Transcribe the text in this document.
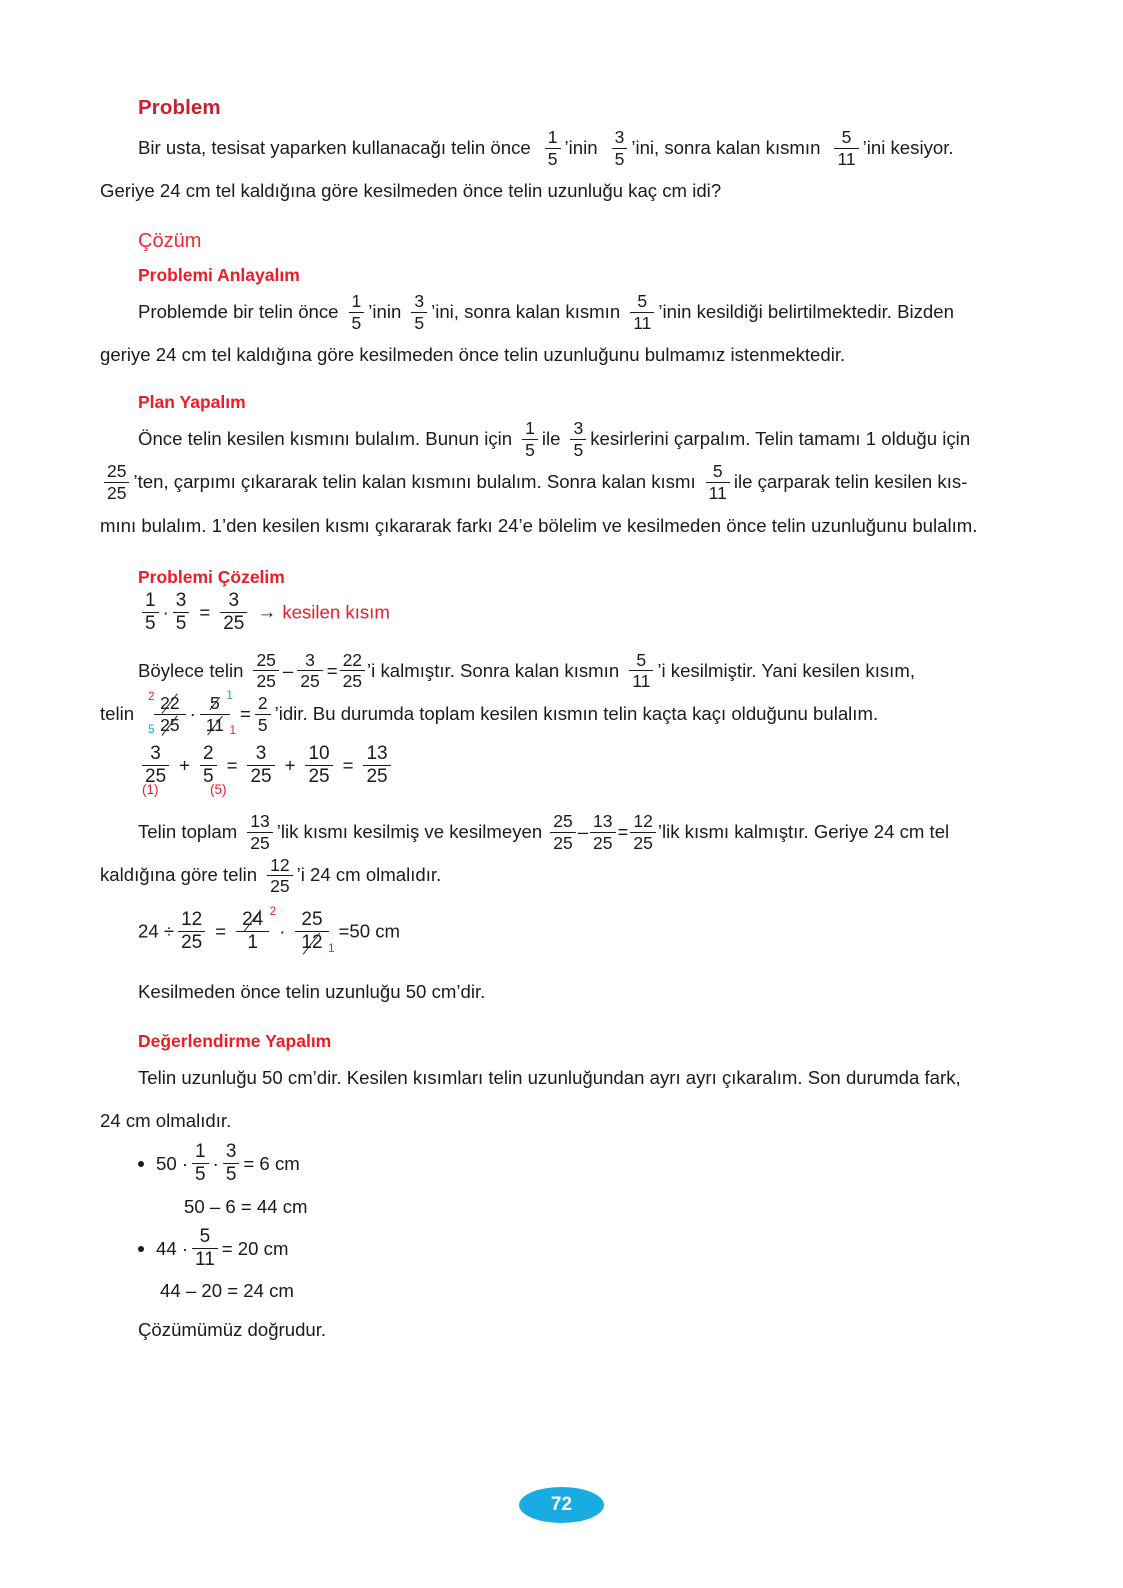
Problem
Bir usta, tesisat yaparken kullanacağı telin önce $\frac{1}{5}$ ’inin $\frac{3}{5}$ ’ini, sonra kalan kısmın $\frac{5}{11}$ ’ini kesiyor.
Geriye 24 cm tel kaldığına göre kesilmeden önce telin uzunluğu kaç cm idi?
Çözüm
Problemi Anlayalım
Problemde bir telin önce $\frac{1}{5}$ ’inin $\frac{3}{5}$ ’ini, sonra kalan kısmın $\frac{5}{11}$ ’inin kesildiği belirtilmektedir. Bizden
geriye 24 cm tel kaldığına göre kesilmeden önce telin uzunluğunu bulmamız istenmektedir.
Plan Yapalım
Önce telin kesilen kısmını bulalım. Bunun için $\frac{1}{5}$ ile $\frac{3}{5}$ kesirlerini çarpalım. Telin tamamı 1 olduğu için

$\frac{25}{25}$ ’ten, çarpımı çıkararak telin kalan kısmını bulalım. Sonra kalan kısmı $\frac{5}{11}$ ile çarparak telin kesilen kıs-
mını bulalım. 1’den kesilen kısmı çıkararak farkı 24’e bölelim ve kesilmeden önce telin uzunluğunu bulalım.
Problemi Çözelim
$\frac{1}{5} \cdot \frac{3}{5} = \frac{3}{25}$ → kesilen kısım
Böylece telin $\frac{25}{25} - \frac{3}{25} = \frac{22}{25}$ ’i kalmıştır. Sonra kalan kısmın $\frac{5}{11}$ ’i kesilmiştir. Yani kesilen kısım,
telin	$\frac{2 22}{5 25} \cdot \frac{5 1}{11 1} = \frac{2}{5}$ ’idir. Bu durumda toplam kesilen kısmın telin kaçta kaçı olduğunu bulalım.
$\frac{3}{25} + \frac{2}{5} = \frac{3}{25} + \frac{10}{25} = \frac{13}{25}$
(1)	(5)
Telin toplam $\frac{13}{25}$ ’lik kısmı kesilmiş ve kesilmeyen $\frac{25}{25} - \frac{13}{25} = \frac{12}{25}$ ’lik kısmı kalmıştır. Geriye 24 cm tel
kaldığına göre telin $\frac{12}{25}$ ’i 24 cm olmalıdır.
$24 \div \frac{12}{25} = \frac{24 2}{1} \cdot \frac{25}{12 1} =50$ cm
Kesilmeden önce telin uzunluğu 50 cm’dir.
Değerlendirme Yapalım
Telin uzunluğu 50 cm’dir. Kesilen kısımları telin uzunluğundan ayrı ayrı çıkaralım. Son durumda fark,
24 cm olmalıdır.
$50 \cdot \frac{1}{5} \cdot \frac{3}{5} = 6$ cm
50 – 6 = 44 cm
$44 \cdot \frac{5}{11} = 20$ cm
44 – 20 = 24 cm
Çözümümüz doğrudur.
72
